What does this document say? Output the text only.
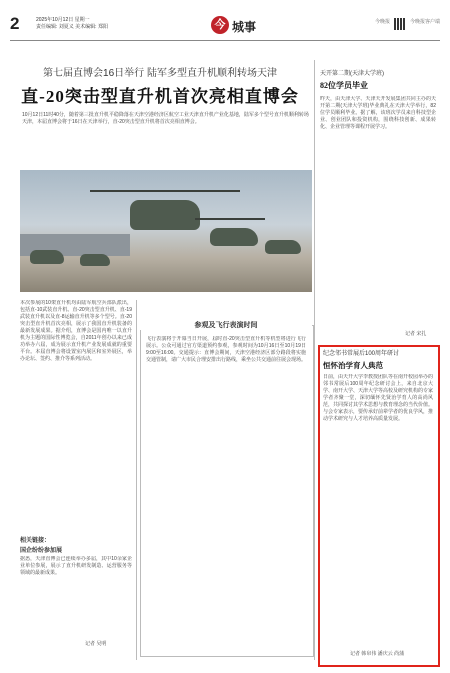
2	2025年10月12日 星期一
责任编辑: 刘夏义 美术编辑: 郑阳	今 城事	今晚报	今晚报客户端
第七届直博会16日举行 陆军多型直升机顺利转场天津
直-20突击型直升机首次亮相直博会
10月12日11时40分，随着第三批直升机平稳降落在天津空港经济区航空工业天津直升机产业化基地，陆军多个型号直升机顺利转场天津，本届直博会将于16日在天津举行，直-20突击型直升机将首次亮相直博会。
本次参展的10架直升机均由陆军航空兵部队派出，包括直-10武装直升机、直-20突击型直升机、直-19武装直升机以及直-8运输直升机等多个型号。直-20突击型直升机首次亮相，展示了我国直升机装备的最新发展成果。据介绍，直博会是国内唯一以直升机为主题的国际性博览会，自2011年创办以来已成功举办六届，成为展示直升机产业发展成就的重要平台。本届直博会将设置室内展区和室外展区，举办论坛、签约、推介等系列活动。
相关链接：
国企纷纷参加展
据悉，天津直博会已连续举办多届，其中10余家企业单位参展，展示了直升机研发制造、运营服务等领域的最新成果。
记者 吴明
参观及飞行表演时间
飞行表演将于开幕当日开展，届时直-20突击型直升机等机型将进行飞行展示。公众可通过官方渠道预约参观，参观时间为10月16日至10月19日9:00至16:00。交通提示：直博会期间，天津空港经济区部分路段将实施交通管制，请广大市民合理安排出行路线，乘坐公共交通前往展会现场。
天开第二期(天津大学班)
82位学员毕业
昨天，由天津大学、天津天开发展集团共同主办的天开第二期(天津大学班)毕业典礼在天津大学举行，82位学员顺利毕业。据了解，该班次学员来自科技型企业、创业团队和投资机构，围绕科技创新、成果转化、企业管理等课程开展学习。
记者 宋扎
纪念邻书常展后100周年研讨
恒怀治学育人典范
日前，由天开大学李教授团队等在南开校园举办的邻书常展后100周年纪念研讨会上，来自北京大学、南开大学、天津大学等高校及研究机构的专家学者齐聚一堂，深切缅怀先贤治学育人的高尚风范，共同探讨其学术思想与教育理念的当代价值。与会专家表示，要传承好前辈学者的优良学风，推动学术研究与人才培养高质量发展。
记者 韩帛伟 潘庆云 尚蒲
